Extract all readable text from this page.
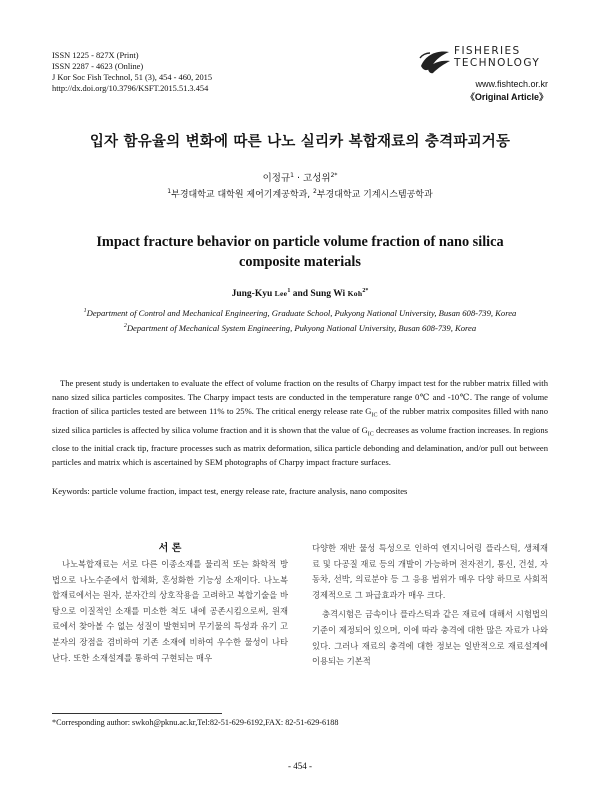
ISSN 1225 - 827X (Print)
ISSN 2287 - 4623 (Online)
J Kor Soc Fish Technol, 51 (3), 454 - 460, 2015
http://dx.doi.org/10.3796/KSFT.2015.51.3.454
FISHERIES
TECHNOLOGY
www.fishtech.or.kr
《Original Article》
입자 함유율의 변화에 따른 나노 실리카 복합재료의 충격파괴거동
이정규$^1$ · 고성위$^{2*}$
$^1$부경대학교 대학원 제어기계공학과, $^2$부경대학교 기계시스템공학과
Impact fracture behavior on particle volume fraction of nano silica composite materials
Jung-Kyu Lee$^1$ and Sung Wi Koh$^{2*}$
$^1$Department of Control and Mechanical Engineering, Graduate School, Pukyong National University, Busan 608-739, Korea
$^2$Department of Mechanical System Engineering, Pukyong National University, Busan 608-739, Korea
The present study is undertaken to evaluate the effect of volume fraction on the results of Charpy impact test for the rubber matrix filled with nano sized silica particles composites. The Charpy impact tests are conducted in the temperature range 0℃ and -10℃. The range of volume fraction of silica particles tested are between 11% to 25%. The critical energy release rate $G_{IC}$ of the rubber matrix composites filled with nano sized silica particles is affected by silica volume fraction and it is shown that the value of $G_{IC}$ decreases as volume fraction increases. In regions close to the initial crack tip, fracture processes such as matrix deformation, silica particle debonding and delamination, and/or pull out between particles and matrix which is ascertained by SEM photographs of Charpy impact fracture surfaces.
Keywords: particle volume fraction, impact test, energy release rate, fracture analysis, nano composites
서 론

나노복합재료는 서로 다른 이종소재를 물리적 또는 화학적 방법으로 나노수준에서 합체화, 혼성화한 기능성 소재이다. 나노복합재료에서는 원자, 분자간의 상호작용을 고려하고 복합기술을 바탕으로 이질적인 소재를 미소한 척도 내에 공존시킴으로써, 원재료에서 찾아볼 수 없는 성질이 발현되며 무기물의 특성과 유기 고분자의 장점을 겸비하여 기존 소재에 비하여 우수한 물성이 나타난다. 또한 소재설계를 통하여 구현되는 매우

다양한 재반 물성 특성으로 인하여 엔지니어링 플라스틱, 생체재료 및 다공질 재료 등의 개발이 가능하며 전자전기, 통신, 건설, 자동차, 선박, 의료분야 등 그 응용 범위가 매우 다양 하므로 사회적 경제적으로 그 파급효과가 매우 크다.

충격시험은 금속이나 플라스틱과 같은 재료에 대해서 시험법의 기준이 제정되어 있으며, 이에 따라 충격에 대한 많은 자료가 나와 있다. 그러나 재료의 충격에 대한 정보는 일반적으로 재료설계에 이용되는 기본적

*Corresponding author: swkoh@pknu.ac.kr,Tel:82-51-629-6192,FAX: 82-51-629-6188
- 454 -
